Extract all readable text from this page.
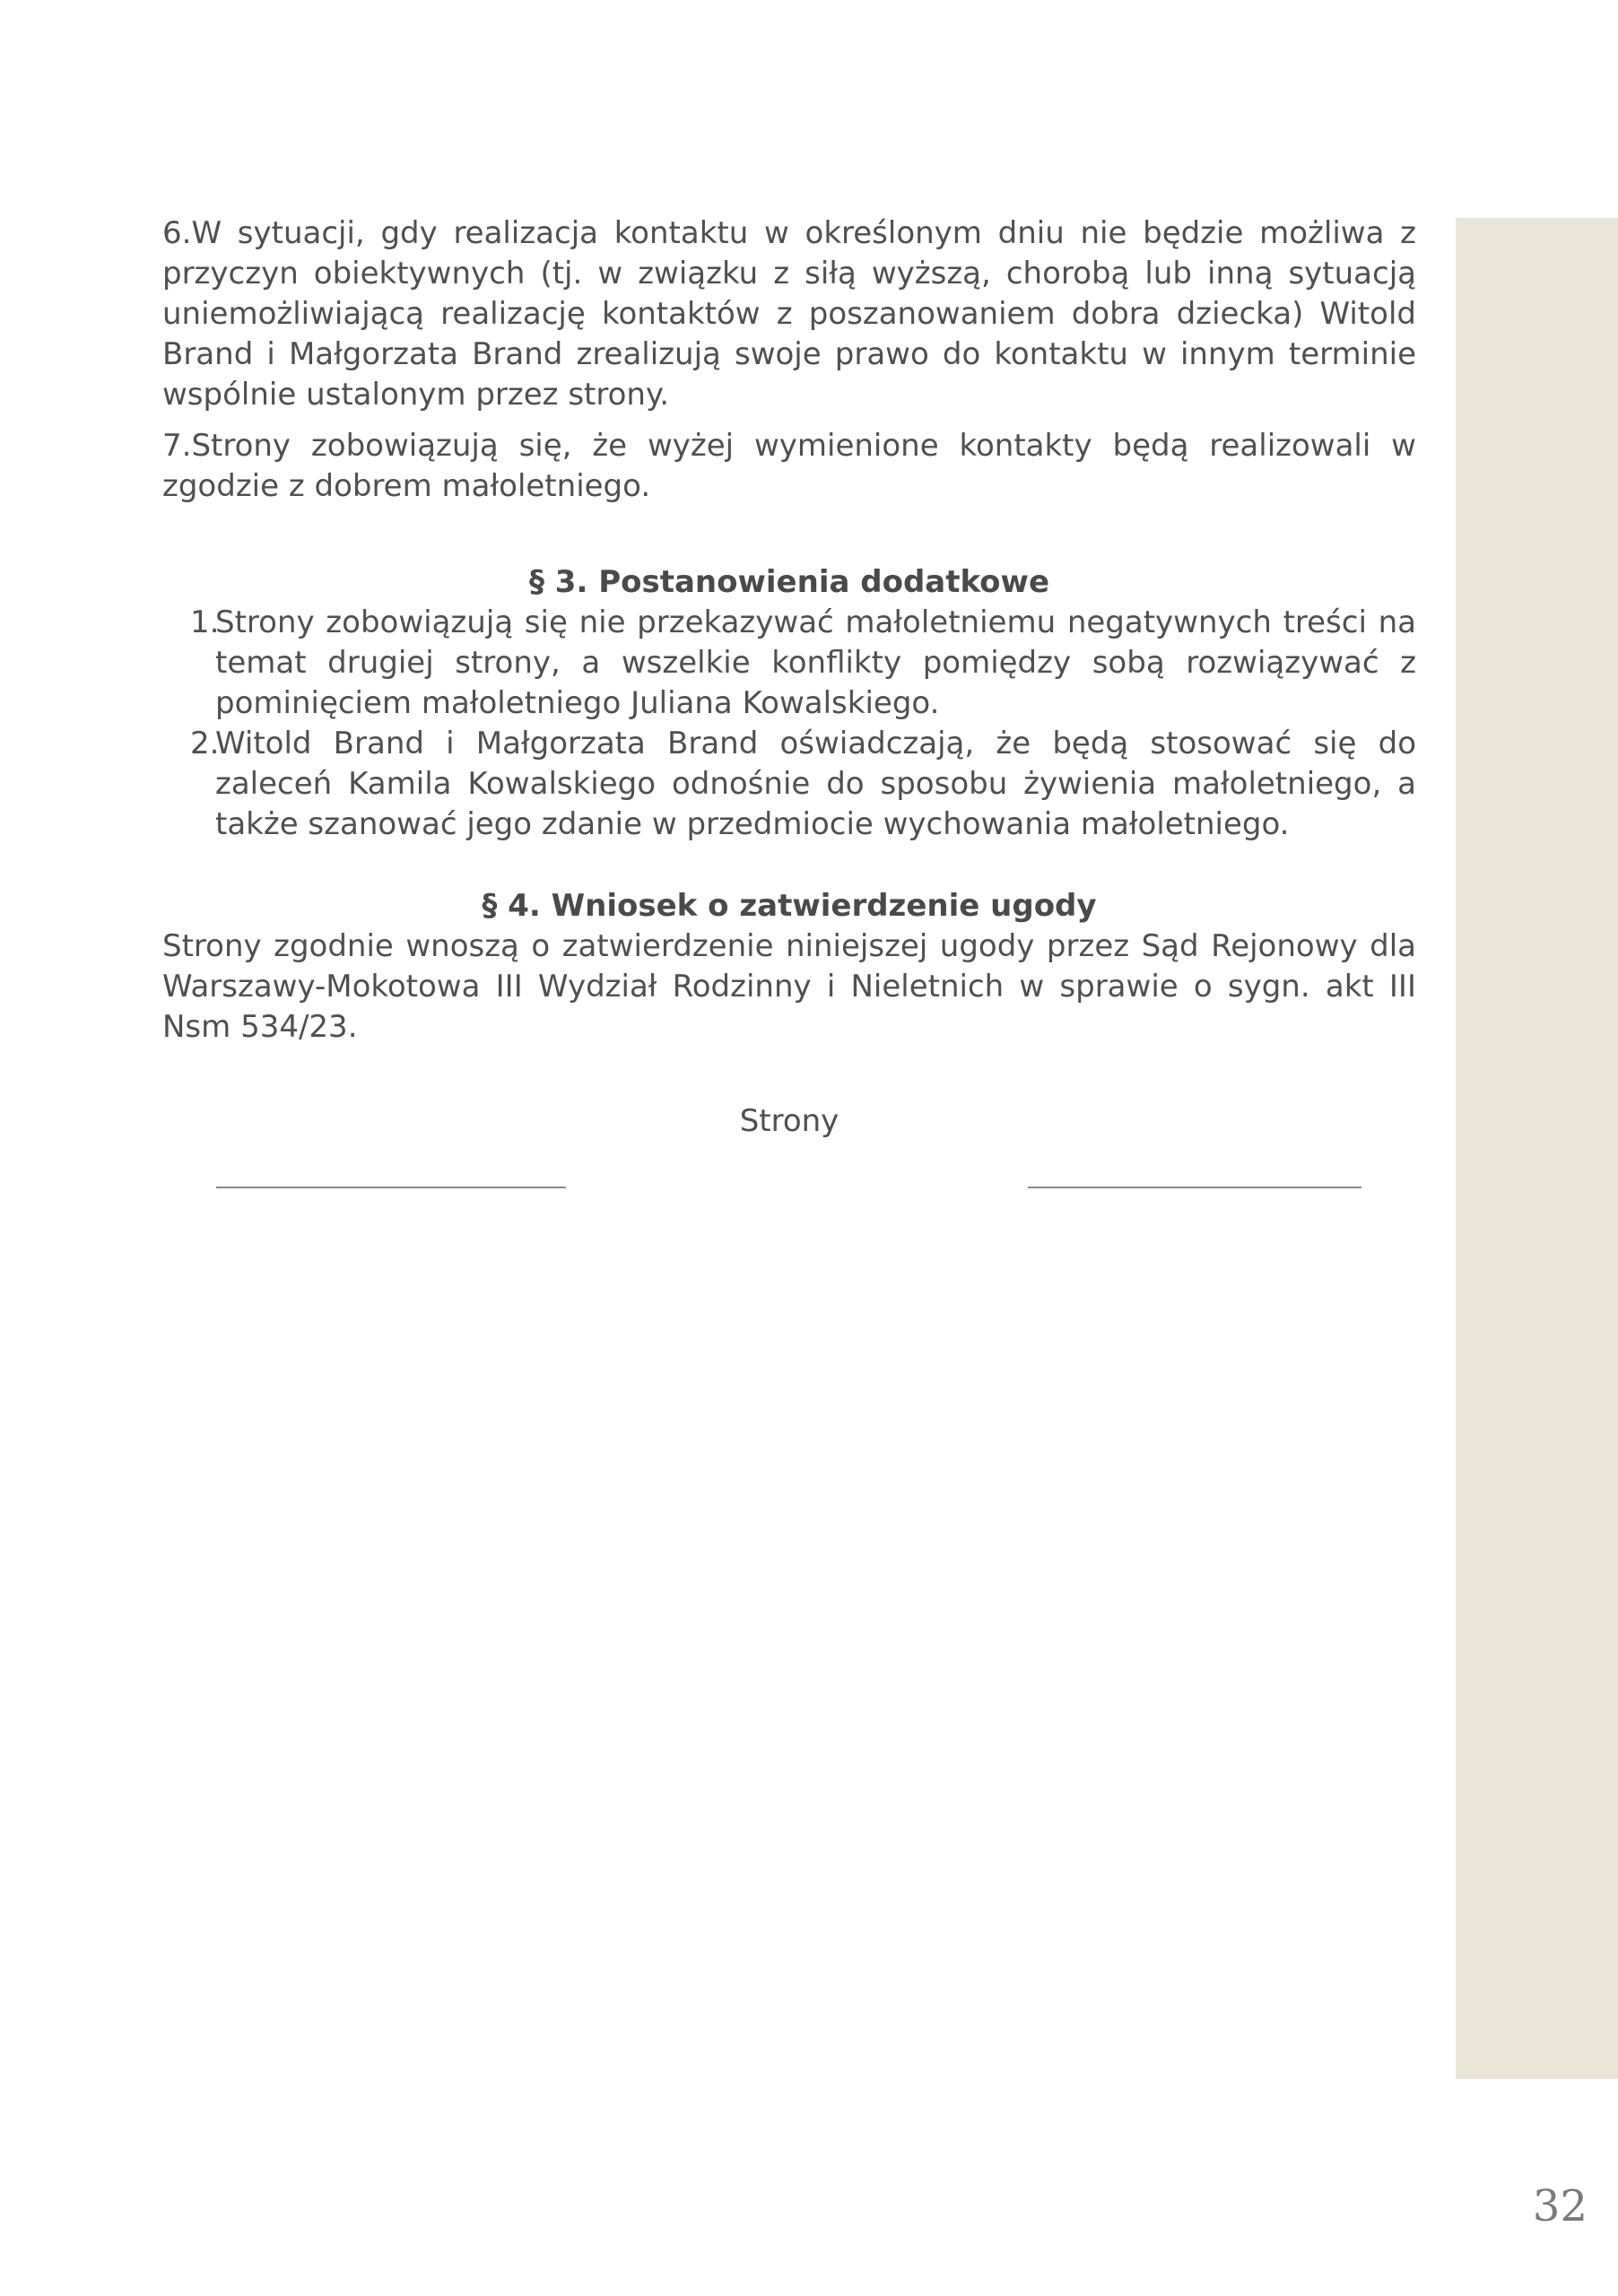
6.W sytuacji, gdy realizacja kontaktu w określonym dniu nie będzie możliwa z przyczyn obiektywnych (tj. w związku z siłą wyższą, chorobą lub inną sytuacją uniemożliwiającą realizację kontaktów z poszanowaniem dobra dziecka) Witold Brand i Małgorzata Brand zrealizują swoje prawo do kontaktu w innym terminie wspólnie ustalonym przez strony.

7.Strony zobowiązują się, że wyżej wymienione kontakty będą realizowali w zgodzie z dobrem małoletniego.

§ 3. Postanowienia dodatkowe

1.
Strony zobowiązują się nie przekazywać małoletniemu negatywnych treści na temat drugiej strony, a wszelkie konflikty pomiędzy sobą rozwiązywać z pominięciem małoletniego Juliana Kowalskiego.
2.
Witold Brand i Małgorzata Brand oświadczają, że będą stosować się do zaleceń Kamila Kowalskiego odnośnie do sposobu żywienia małoletniego, a także szanować jego zdanie w przedmiocie wychowania małoletniego.

§ 4. Wniosek o zatwierdzenie ugody

Strony zgodnie wnoszą o zatwierdzenie niniejszej ugody przez Sąd Rejonowy dla Warszawy-Mokotowa III Wydział Rodzinny i Nieletnich w sprawie o sygn. akt III Nsm 534/23.

Strony

32
